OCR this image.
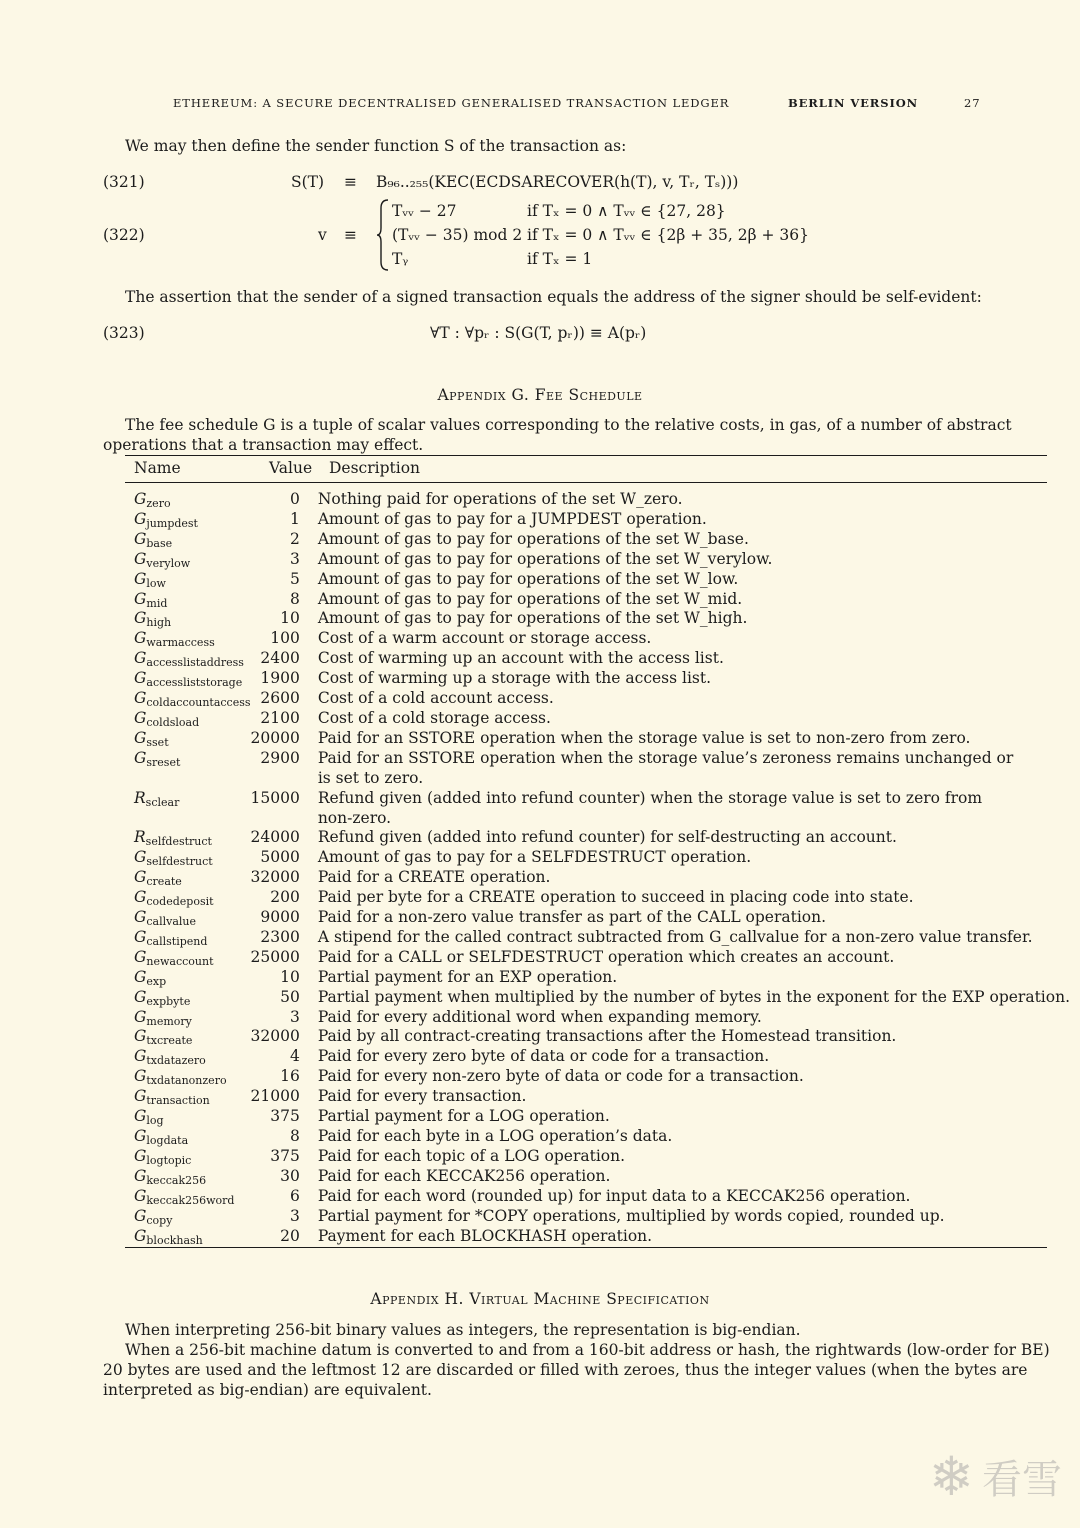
ETHEREUM: A SECURE DECENTRALISED GENERALISED TRANSACTION LEDGER	BERLIN VERSION	27
We may then define the sender function S of the transaction as:
(321)	S(T) ≡ B₉₆..₂₅₅(KEC(ECDSARECOVER(h(T), v, Tᵣ, Tₛ)))
(322)	v ≡
Tᵥᵥ − 27	if Tₓ = 0 ∧ Tᵥᵥ ∈ {27, 28}
(Tᵥᵥ − 35) mod 2 if Tₓ = 0 ∧ Tᵥᵥ ∈ {2β + 35, 2β + 36}
Tᵧ	if Tₓ = 1
The assertion that the sender of a signed transaction equals the address of the signer should be self-evident:
(323)	∀T : ∀pᵣ : S(G(T, pᵣ)) ≡ A(pᵣ)
Appendix G. Fee Schedule
The fee schedule G is a tuple of scalar values corresponding to the relative costs, in gas, of a number of abstract
operations that a transaction may effect.
Name	Value Description
$G_{zero}$	0	Nothing paid for operations of the set W_zero.

$G_{jumpdest}$	1	Amount of gas to pay for a JUMPDEST operation.

$G_{base}$	2	Amount of gas to pay for operations of the set W_base.

$G_{verylow}$	3	Amount of gas to pay for operations of the set W_verylow.

$G_{low}$	5	Amount of gas to pay for operations of the set W_low.

$G_{mid}$	8	Amount of gas to pay for operations of the set W_mid.

$G_{high}$	10	Amount of gas to pay for operations of the set W_high.

$G_{warmaccess}$	100	Cost of a warm account or storage access.

$G_{accesslistaddress}$	2400	Cost of warming up an account with the access list.

$G_{accessliststorage}$	1900	Cost of warming up a storage with the access list.

$G_{coldaccountaccess}$	2600	Cost of a cold account access.

$G_{coldsload}$	2100	Cost of a cold storage access.

$G_{sset}$	20000	Paid for an SSTORE operation when the storage value is set to non-zero from zero.

$G_{sreset}$	2900	Paid for an SSTORE operation when the storage value’s zeroness remains unchanged or
is set to zero.

$R_{sclear}$	15000	Refund given (added into refund counter) when the storage value is set to zero from
non-zero.

$R_{selfdestruct}$	24000	Refund given (added into refund counter) for self-destructing an account.

$G_{selfdestruct}$	5000	Amount of gas to pay for a SELFDESTRUCT operation.

$G_{create}$	32000	Paid for a CREATE operation.

$G_{codedeposit}$	200	Paid per byte for a CREATE operation to succeed in placing code into state.

$G_{callvalue}$	9000	Paid for a non-zero value transfer as part of the CALL operation.

$G_{callstipend}$	2300	A stipend for the called contract subtracted from G_callvalue for a non-zero value transfer.

$G_{newaccount}$	25000	Paid for a CALL or SELFDESTRUCT operation which creates an account.

$G_{exp}$	10	Partial payment for an EXP operation.

$G_{expbyte}$	50	Partial payment when multiplied by the number of bytes in the exponent for the EXP operation.

$G_{memory}$	3	Paid for every additional word when expanding memory.

$G_{txcreate}$	32000	Paid by all contract-creating transactions after the Homestead transition.

$G_{txdatazero}$	4	Paid for every zero byte of data or code for a transaction.

$G_{txdatanonzero}$	16	Paid for every non-zero byte of data or code for a transaction.

$G_{transaction}$	21000	Paid for every transaction.

$G_{log}$	375	Partial payment for a LOG operation.

$G_{logdata}$	8	Paid for each byte in a LOG operation’s data.

$G_{logtopic}$	375	Paid for each topic of a LOG operation.

$G_{keccak256}$	30	Paid for each KECCAK256 operation.

$G_{keccak256word}$	6	Paid for each word (rounded up) for input data to a KECCAK256 operation.

$G_{copy}$	3	Partial payment for *COPY operations, multiplied by words copied, rounded up.

$G_{blockhash}$	20	Payment for each BLOCKHASH operation.
Appendix H. Virtual Machine Specification
When interpreting 256-bit binary values as integers, the representation is big-endian.
When a 256-bit machine datum is converted to and from a 160-bit address or hash, the rightwards (low-order for BE)
20 bytes are used and the leftmost 12 are discarded or filled with zeroes, thus the integer values (when the bytes are
interpreted as big-endian) are equivalent.
❄ 看雪
